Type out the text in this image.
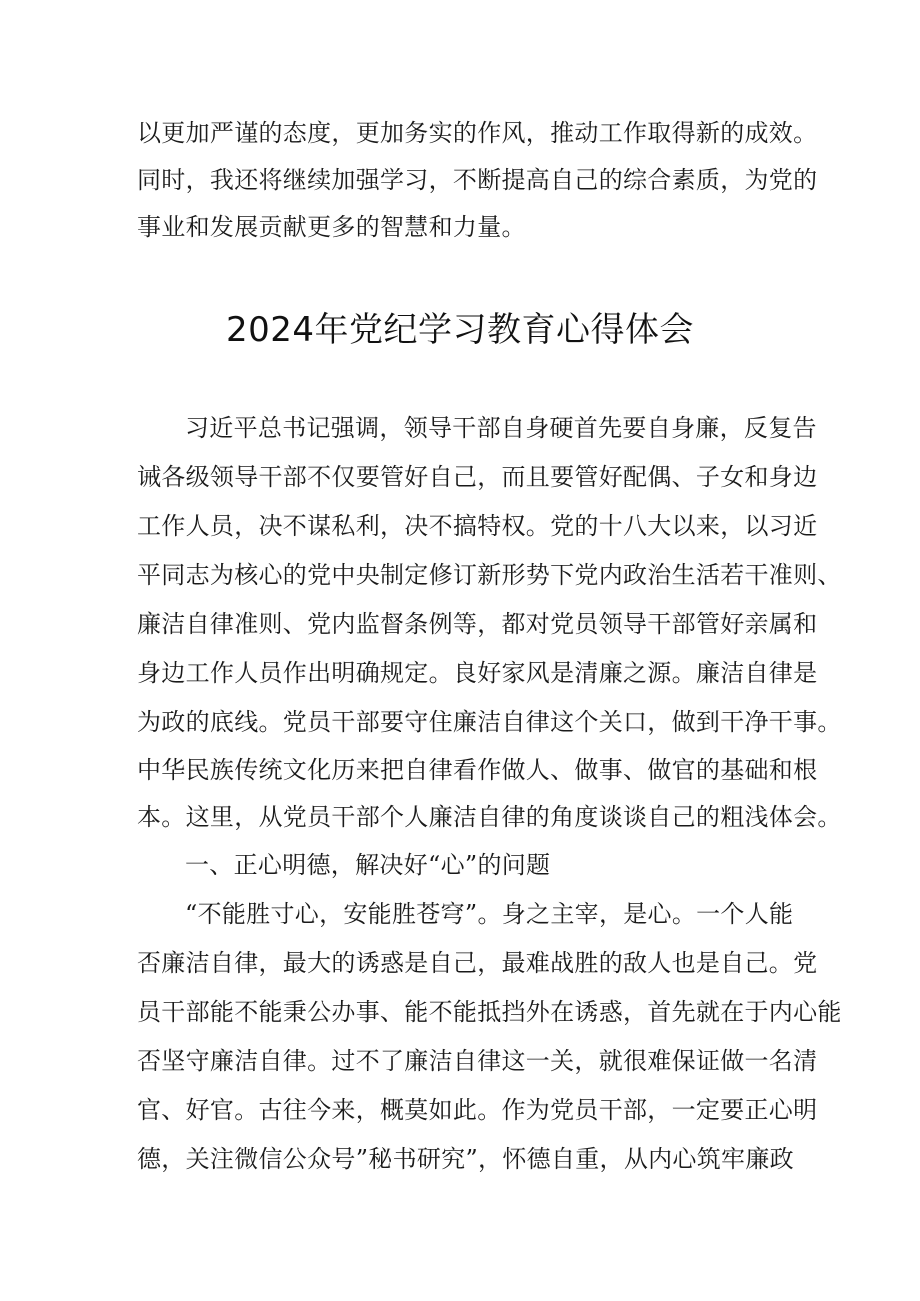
以更加严谨的态度，更加务实的作风，推动工作取得新的成效。
同时，我还将继续加强学习，不断提高自己的综合素质，为党的
事业和发展贡献更多的智慧和力量。
2024年党纪学习教育心得体会
习近平总书记强调，领导干部自身硬首先要自身廉，反复告
诫各级领导干部不仅要管好自己，而且要管好配偶、子女和身边
工作人员，决不谋私利，决不搞特权。党的十八大以来，以习近
平同志为核心的党中央制定修订新形势下党内政治生活若干准则、
廉洁自律准则、党内监督条例等，都对党员领导干部管好亲属和
身边工作人员作出明确规定。良好家风是清廉之源。廉洁自律是
为政的底线。党员干部要守住廉洁自律这个关口，做到干净干事。
中华民族传统文化历来把自律看作做人、做事、做官的基础和根
本。这里，从党员干部个人廉洁自律的角度谈谈自己的粗浅体会。
一、正心明德，解决好“心”的问题
“不能胜寸心，安能胜苍穹”。身之主宰，是心。一个人能
否廉洁自律，最大的诱惑是自己，最难战胜的敌人也是自己。党
员干部能不能秉公办事、能不能抵挡外在诱惑，首先就在于内心能
否坚守廉洁自律。过不了廉洁自律这一关，就很难保证做一名清
官、好官。古往今来，概莫如此。作为党员干部，一定要正心明
德，关注微信公众号”秘书研究”，怀德自重，从内心筑牢廉政
